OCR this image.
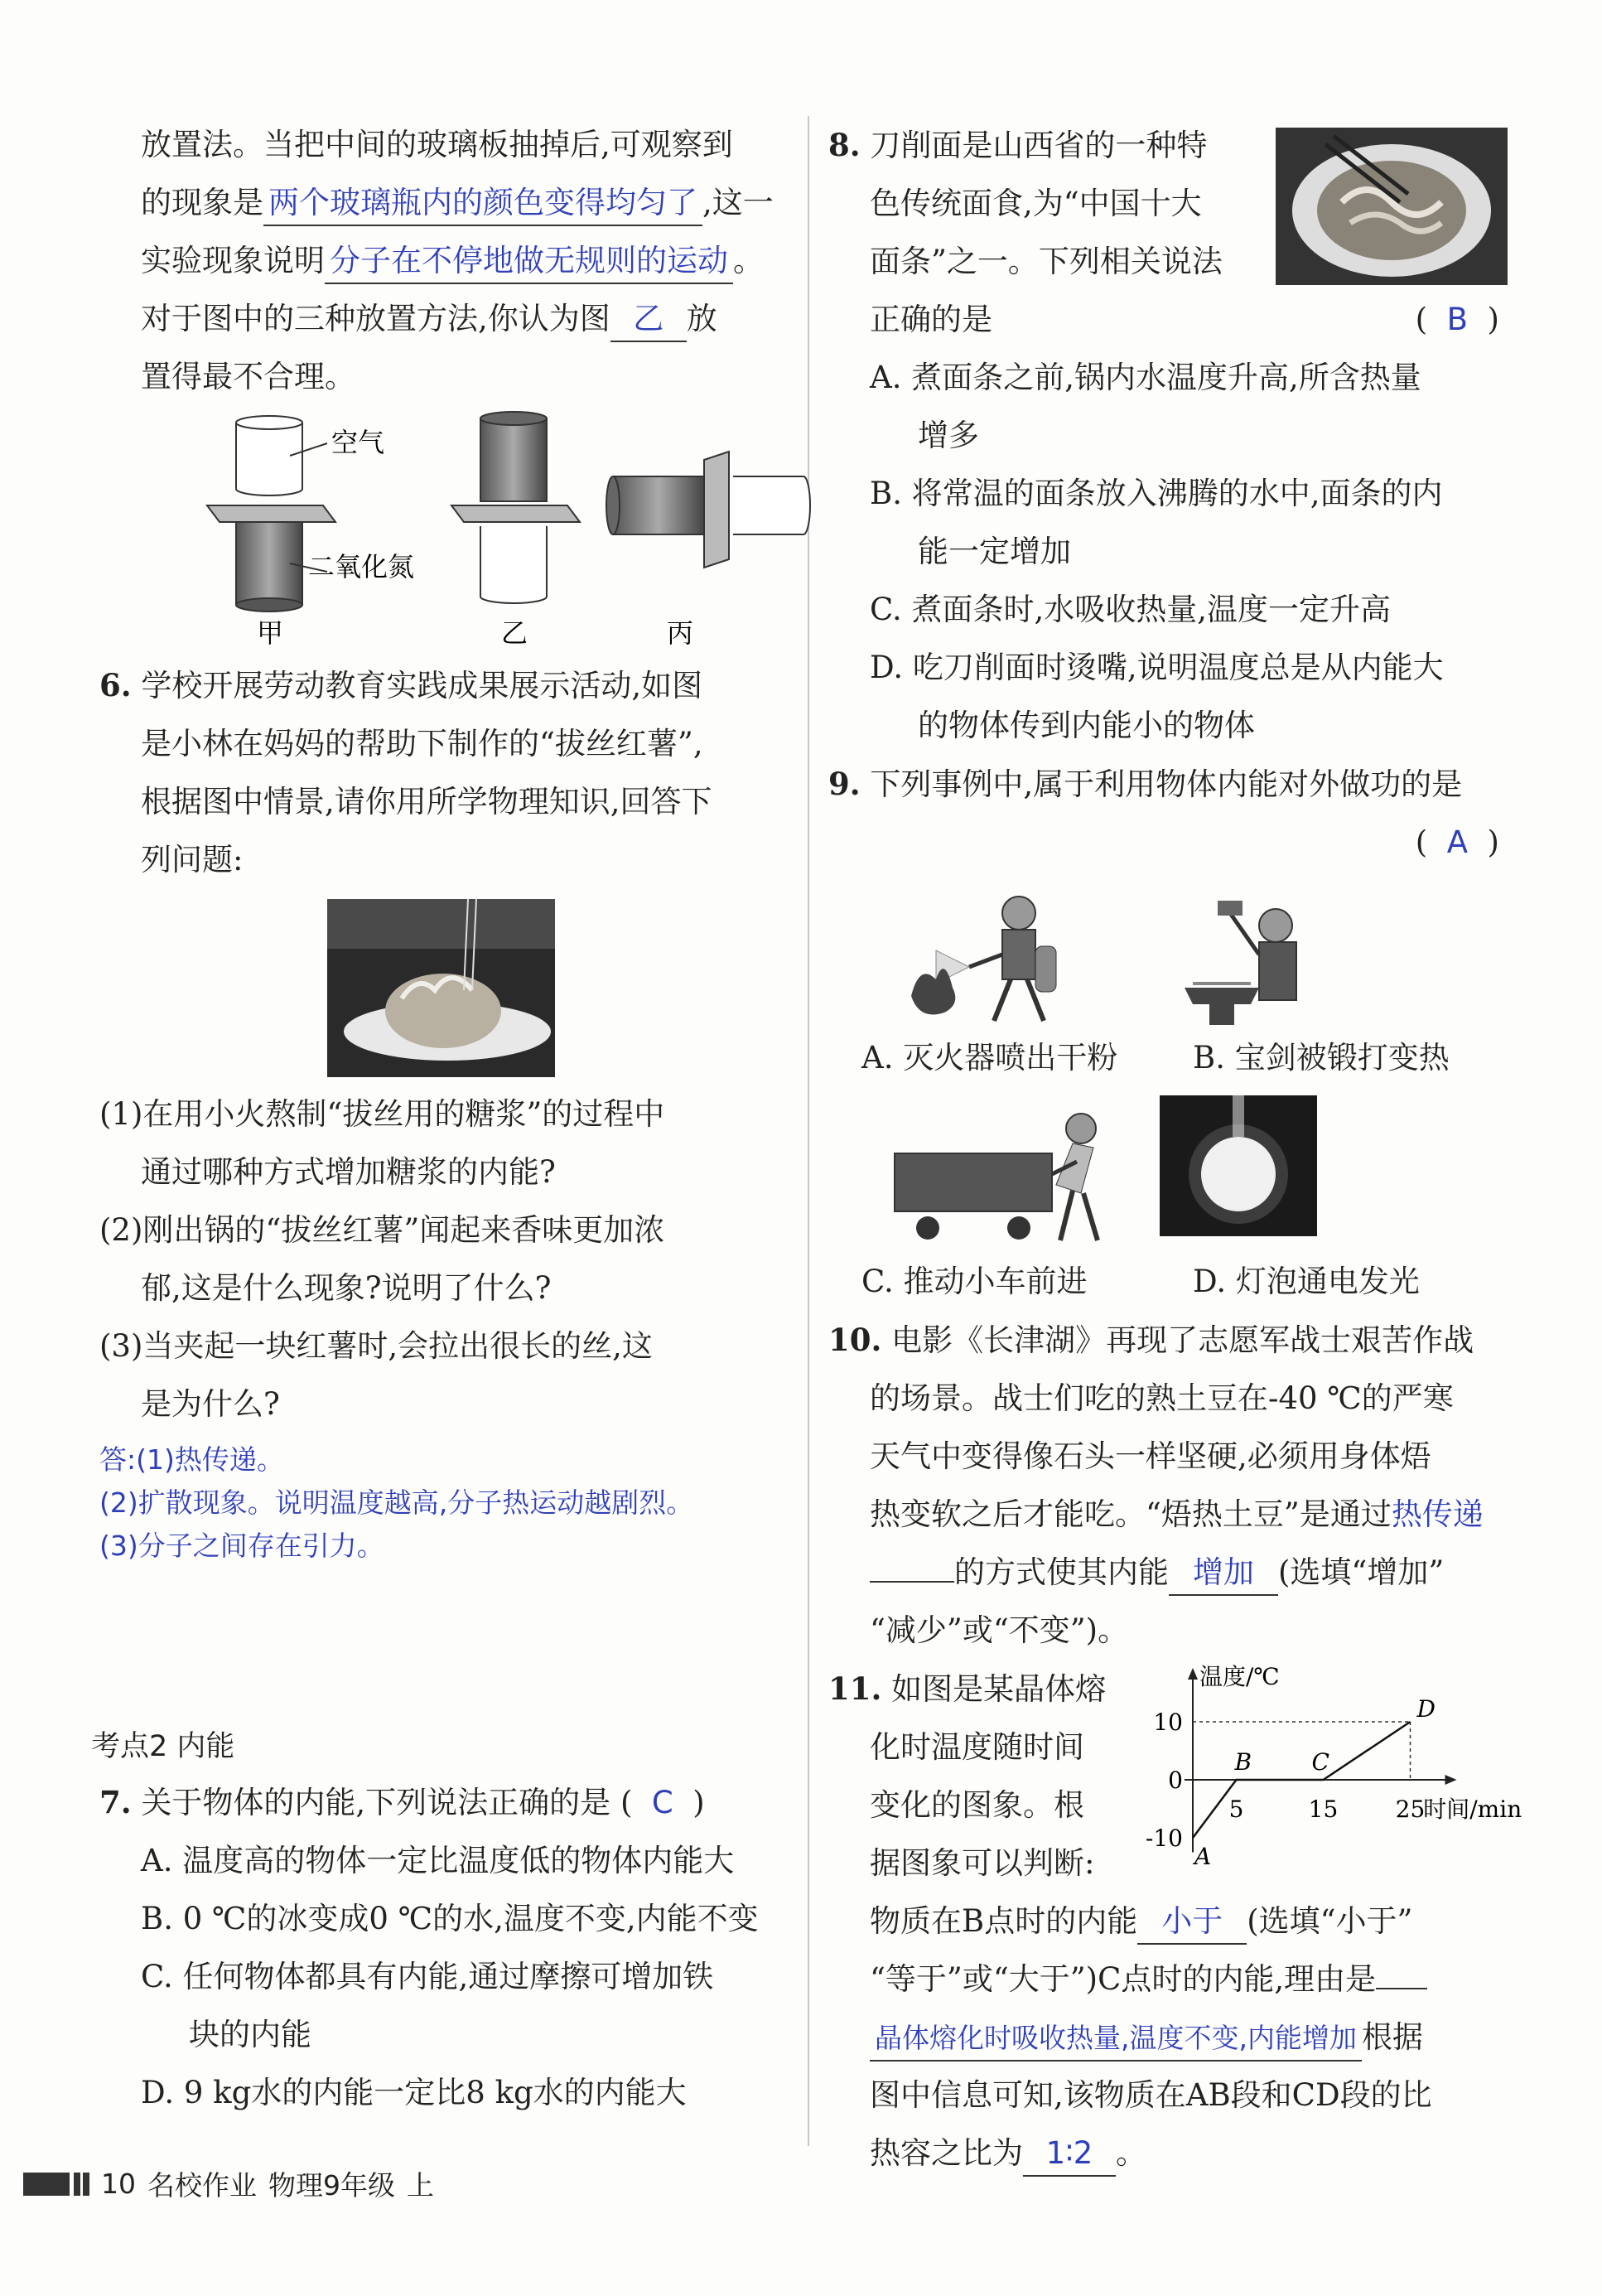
放置法。当把中间的玻璃板抽掉后,可观察到
的现象是 两个玻璃瓶内的颜色变得均匀了 ,这一
实验现象说明 分子在不停地做无规则的运动 。
对于图中的三种放置方法,你认为图 乙 放
置得最不合理。
空气
二氧化氮
甲	乙	丙
6. 学校开展劳动教育实践成果展示活动,如图
是小林在妈妈的帮助下制作的“拔丝红薯”,
根据图中情景,请你用所学物理知识,回答下
列问题:
(1)在用小火熬制“拔丝用的糖浆”的过程中
通过哪种方式增加糖浆的内能?
(2)刚出锅的“拔丝红薯”闻起来香味更加浓
郁,这是什么现象?说明了什么?
(3)当夹起一块红薯时,会拉出很长的丝,这
是为什么?
答:(1)热传递。
(2)扩散现象。说明温度越高,分子热运动越剧烈。
(3)分子之间存在引力。
考点2 内能
7. 关于物体的内能,下列说法正确的是 (  C  )
A. 温度高的物体一定比温度低的物体内能大
B. 0 ℃的冰变成0 ℃的水,温度不变,内能不变
C. 任何物体都具有内能,通过摩擦可增加铁
块的内能
D. 9 kg水的内能一定比8 kg水的内能大
8. 刀削面是山西省的一种特
色传统面食,为“中国十大
面条”之一。下列相关说法
正确的是	(  B  )
A. 煮面条之前,锅内水温度升高,所含热量
增多
B. 将常温的面条放入沸腾的水中,面条的内
能一定增加
C. 煮面条时,水吸收热量,温度一定升高
D. 吃刀削面时烫嘴,说明温度总是从内能大
的物体传到内能小的物体
9. 下列事例中,属于利用物体内能对外做功的是
(  A  )
A. 灭火器喷出干粉	B. 宝剑被锻打变热
C. 推动小车前进	D. 灯泡通电发光
10. 电影《长津湖》再现了志愿军战士艰苦作战
的场景。战士们吃的熟土豆在-40 ℃的严寒
天气中变得像石头一样坚硬,必须用身体焐
热变软之后才能吃。“焐热土豆”是通过热传递
的方式使其内能 增加 (选填“增加”
“减少”或“不变”)。
温度/℃
时间/min
10
0
-10
5	15 25
A
B	C
D
11. 如图是某晶体熔
化时温度随时间
变化的图象。根
据图象可以判断:
物质在B点时的内能 小于 (选填“小于”
“等于”或“大于”)C点时的内能,理由是
晶体熔化时吸收热量,温度不变,内能增加 根据
图中信息可知,该物质在AB段和CD段的比
热容之比为 1∶2 。
10 名校作业 物理9年级 上
